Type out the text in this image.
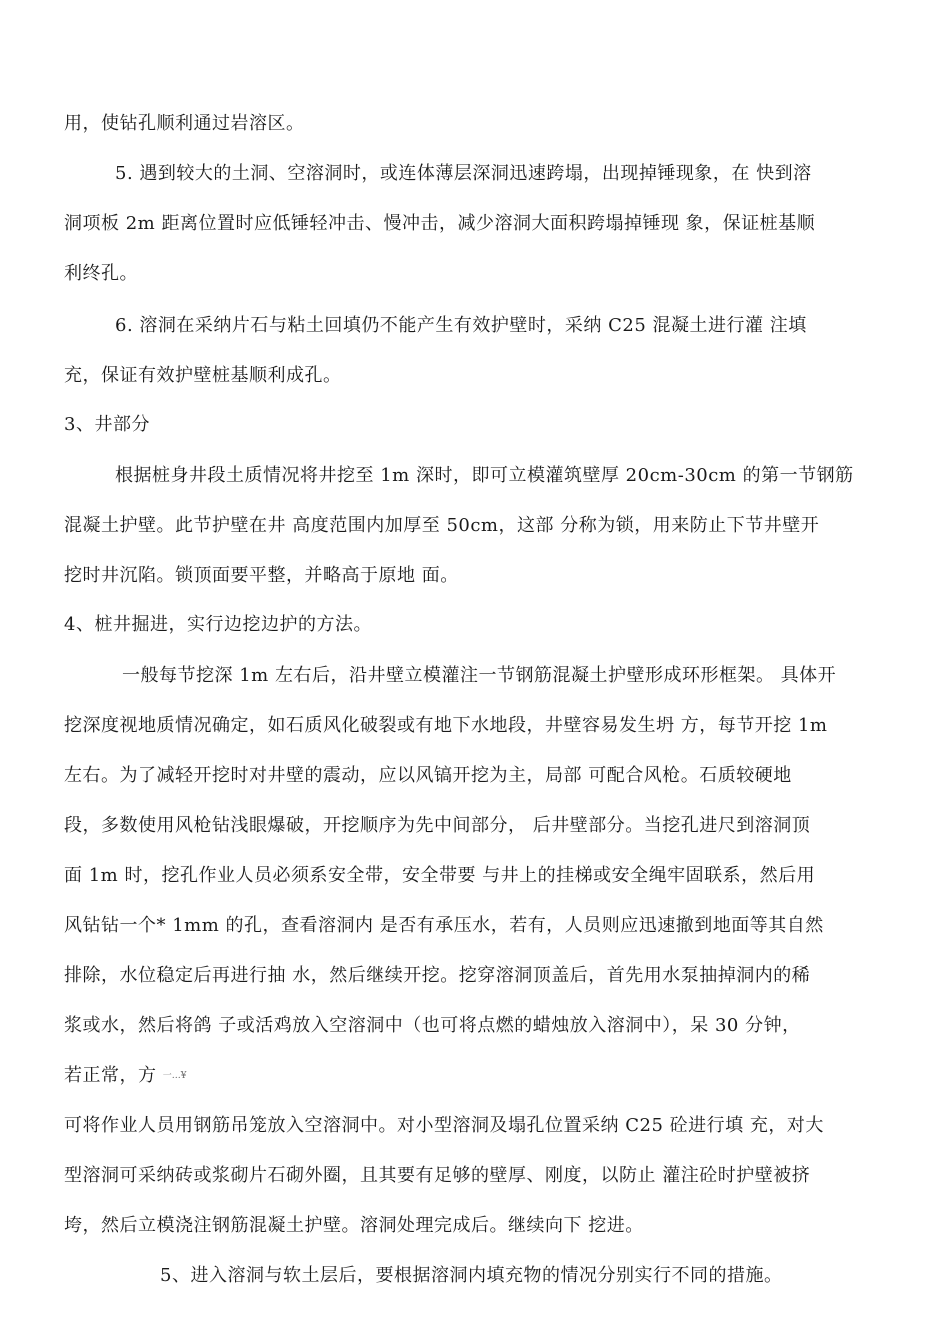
用，使钻孔顺利通过岩溶区。
5. 遇到较大的土洞、空溶洞时，或连体薄层深洞迅速跨塌，出现掉锤现象，在 快到溶
洞项板 2m 距离位置时应低锤轻冲击、慢冲击，减少溶洞大面积跨塌掉锤现 象，保证桩基顺
利终孔。
6. 溶洞在采纳片石与粘土回填仍不能产生有效护壁时，采纳 C25 混凝土进行灌 注填
充，保证有效护壁桩基顺利成孔。
3、井部分
根据桩身井段土质情况将井挖至 1m 深时，即可立模灌筑壁厚 20cm-30cm 的第一节钢筋
混凝土护壁。此节护壁在井 高度范围内加厚至 50cm，这部 分称为锁，用来防止下节井壁开
挖时井沉陷。锁顶面要平整，并略高于原地 面。
4、桩井掘进，实行边挖边护的方法。
一般每节挖深 1m 左右后，沿井壁立模灌注一节钢筋混凝土护壁形成环形框架。 具体开
挖深度视地质情况确定，如石质风化破裂或有地下水地段，井壁容易发生坍 方，每节开挖 1m
左右。为了减轻开挖时对井壁的震动，应以风镐开挖为主，局部 可配合风枪。石质较硬地
段，多数使用风枪钻浅眼爆破，开挖顺序为先中间部分， 后井壁部分。当挖孔进尺到溶洞顶
面 1m 时，挖孔作业人员必须系安全带，安全带要 与井上的挂梯或安全绳牢固联系，然后用
风钻钻一个* 1mm 的孔，查看溶洞内 是否有承压水，若有，人员则应迅速撤到地面等其自然
排除，水位稳定后再进行抽 水，然后继续开挖。挖穿溶洞顶盖后，首先用水泵抽掉洞内的稀
浆或水，然后将鸽 子或活鸡放入空溶洞中（也可将点燃的蜡烛放入溶洞中），呆 30 分钟，
若正常，方 一…¥
可将作业人员用钢筋吊笼放入空溶洞中。对小型溶洞及塌孔位置采纳 C25 砼进行填 充，对大
型溶洞可采纳砖或浆砌片石砌外圈，且其要有足够的壁厚、刚度，以防止 灌注砼时护壁被挤
垮，然后立模浇注钢筋混凝土护壁。溶洞处理完成后。继续向下 挖进。
5、进入溶洞与软土层后，要根据溶洞内填充物的情况分别实行不同的措施。
